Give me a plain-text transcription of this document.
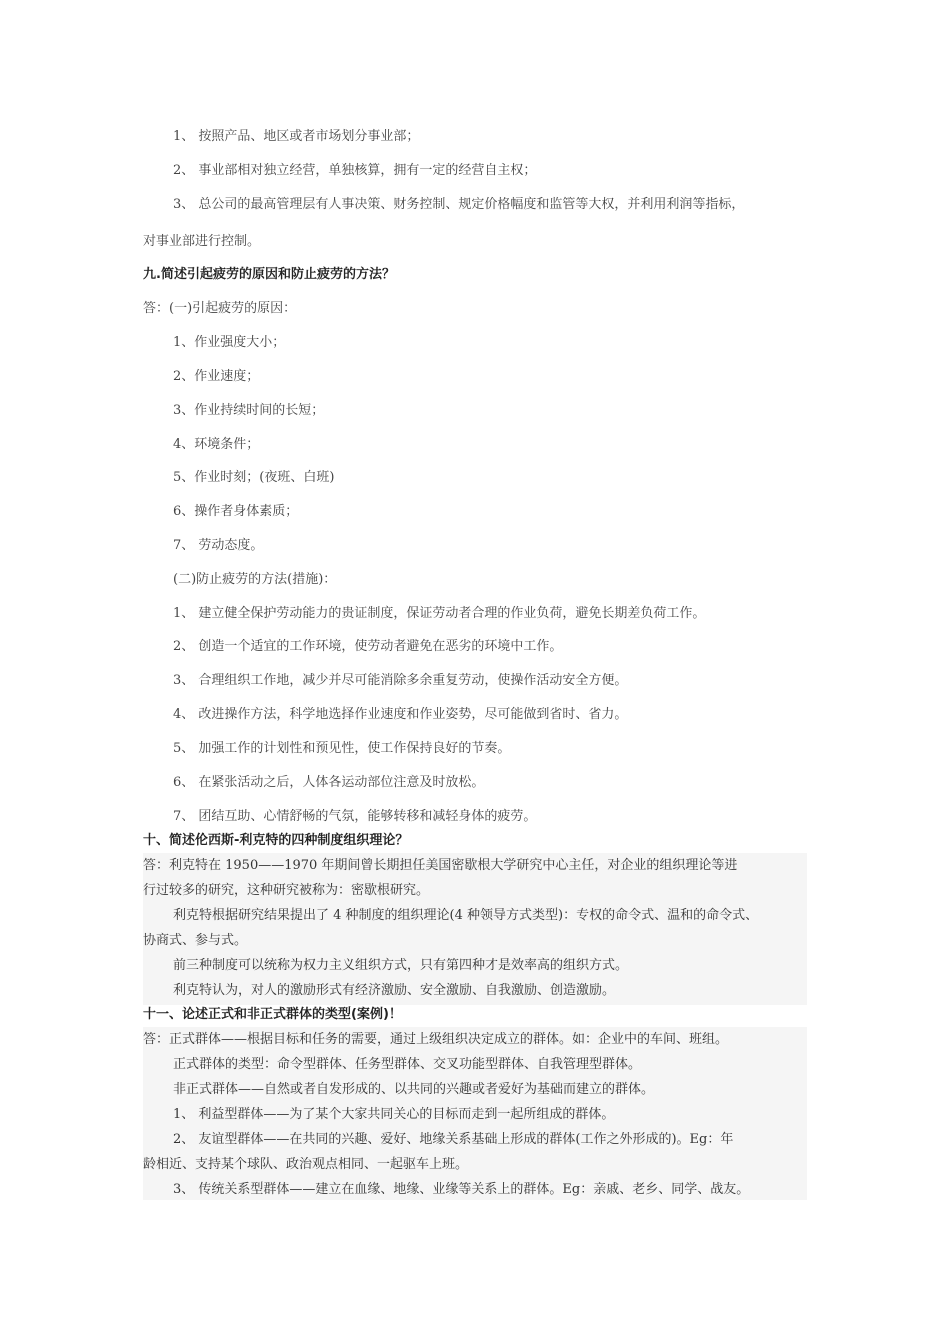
1、 按照产品、地区或者市场划分事业部；
2、 事业部相对独立经营，单独核算，拥有一定的经营自主权；
3、 总公司的最高管理层有人事决策、财务控制、规定价格幅度和监管等大权，并利用利润等指标，
对事业部进行控制。
九.简述引起疲劳的原因和防止疲劳的方法？
答：(一)引起疲劳的原因：
1、作业强度大小；
2、作业速度；
3、作业持续时间的长短；
4、环境条件；
5、作业时刻；(夜班、白班)
6、操作者身体素质；
7、 劳动态度。
(二)防止疲劳的方法(措施)：
1、 建立健全保护劳动能力的贵证制度，保证劳动者合理的作业负荷，避免长期差负荷工作。
2、 创造一个适宜的工作环境，使劳动者避免在恶劣的环境中工作。
3、 合理组织工作地，减少并尽可能消除多余重复劳动，使操作活动安全方便。
4、 改进操作方法，科学地选择作业速度和作业姿势，尽可能做到省时、省力。
5、 加强工作的计划性和预见性，使工作保持良好的节奏。
6、 在紧张活动之后，人体各运动部位注意及时放松。
7、 团结互助、心情舒畅的气氛，能够转移和减轻身体的疲劳。
十、简述伦西斯-利克特的四种制度组织理论？
答：利克特在 1950——1970 年期间曾长期担任美国密歇根大学研究中心主任，对企业的组织理论等进
行过较多的研究，这种研究被称为：密歇根研究。
利克特根据研究结果提出了 4 种制度的组织理论(4 种领导方式类型)：专权的命令式、温和的命令式、
协商式、参与式。
前三种制度可以统称为权力主义组织方式，只有第四种才是效率高的组织方式。
利克特认为，对人的激励形式有经济激励、安全激励、自我激励、创造激励。
十一、论述正式和非正式群体的类型(案例)！
答：正式群体——根据目标和任务的需要，通过上级组织决定成立的群体。如：企业中的车间、班组。
正式群体的类型：命令型群体、任务型群体、交叉功能型群体、自我管理型群体。
非正式群体——自然或者自发形成的、以共同的兴趣或者爱好为基础而建立的群体。
1、 利益型群体——为了某个大家共同关心的目标而走到一起所组成的群体。
2、 友谊型群体——在共同的兴趣、爱好、地缘关系基础上形成的群体(工作之外形成的)。Eg：年
龄相近、支持某个球队、政治观点相同、一起驱车上班。
3、 传统关系型群体——建立在血缘、地缘、业缘等关系上的群体。Eg：亲戚、老乡、同学、战友。
